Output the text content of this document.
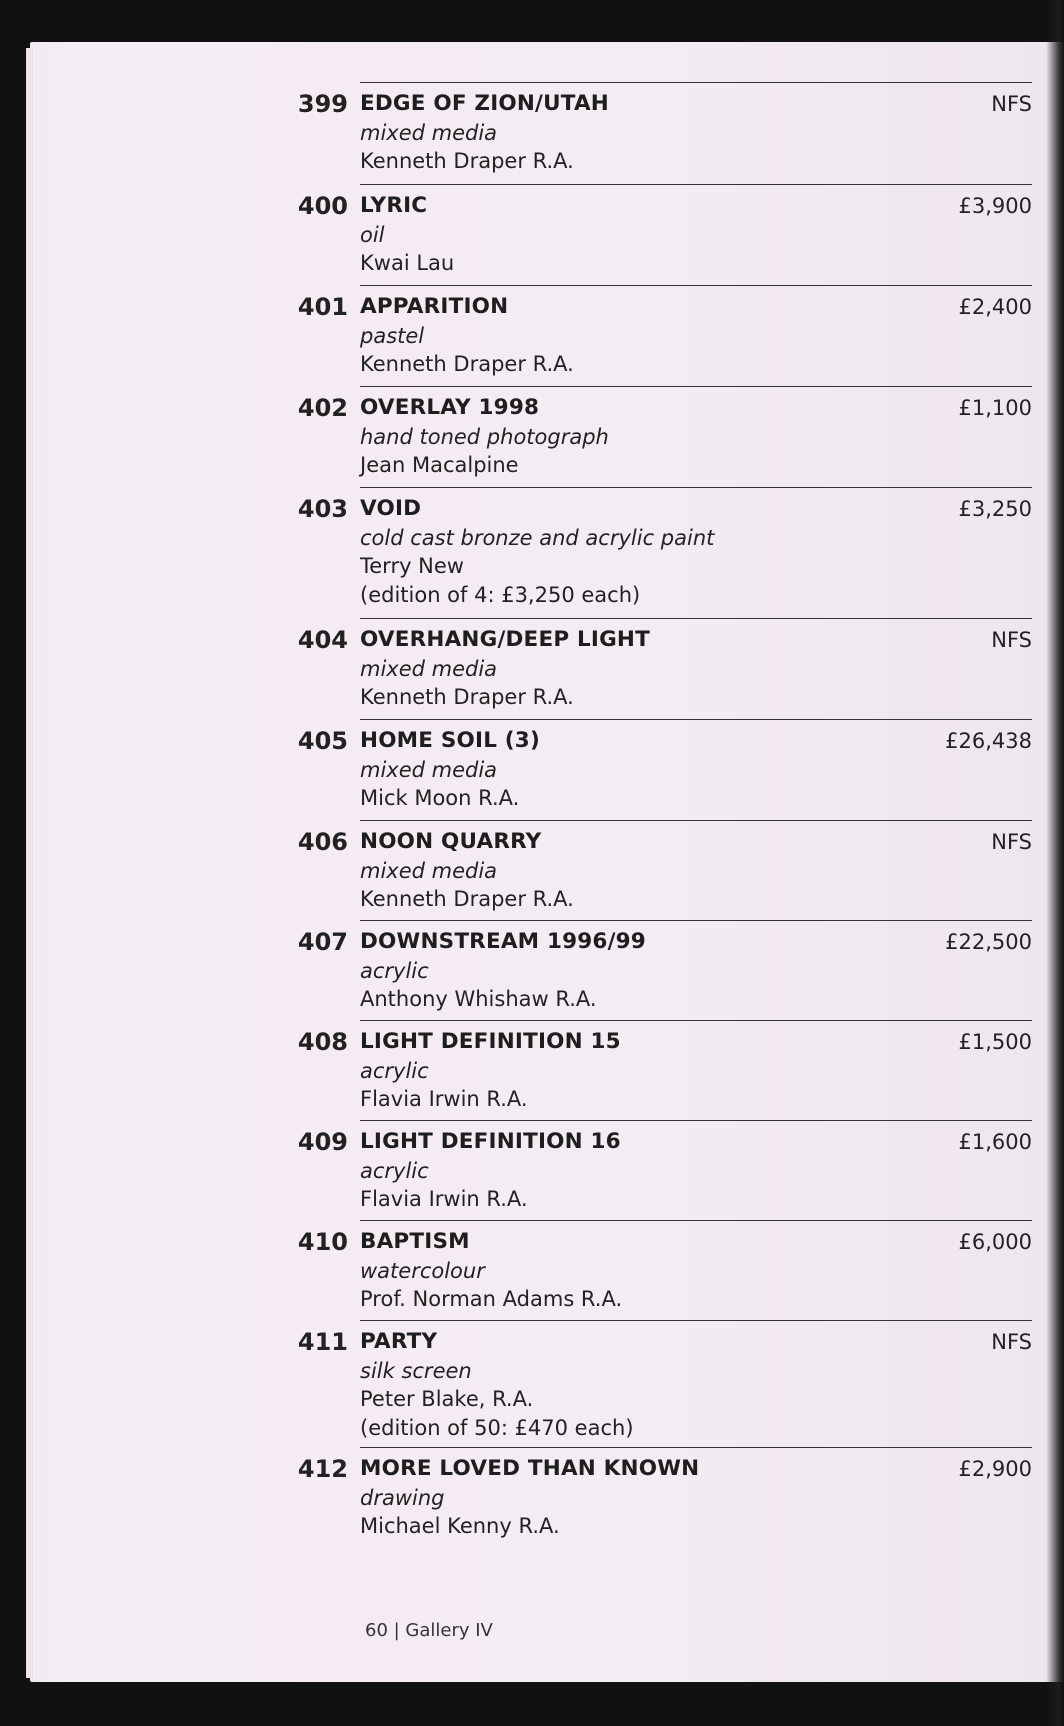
399 EDGE OF ZION/UTAH	NFS
mixed media
Kenneth Draper R.A.
400 LYRIC	£3,900
oil
Kwai Lau
401 APPARITION	£2,400
pastel
Kenneth Draper R.A.
402 OVERLAY 1998	£1,100
hand toned photograph
Jean Macalpine
403 VOID	£3,250
cold cast bronze and acrylic paint
Terry New
(edition of 4: £3,250 each)
404 OVERHANG/DEEP LIGHT	NFS
mixed media
Kenneth Draper R.A.
405 HOME SOIL (3)	£26,438
mixed media
Mick Moon R.A.
406 NOON QUARRY	NFS
mixed media
Kenneth Draper R.A.
407 DOWNSTREAM 1996/99	£22,500
acrylic
Anthony Whishaw R.A.
408 LIGHT DEFINITION 15	£1,500
acrylic
Flavia Irwin R.A.
409 LIGHT DEFINITION 16	£1,600
acrylic
Flavia Irwin R.A.
410 BAPTISM	£6,000
watercolour
Prof. Norman Adams R.A.
411 PARTY	NFS
silk screen
Peter Blake, R.A.
(edition of 50: £470 each)
412 MORE LOVED THAN KNOWN	£2,900
drawing
Michael Kenny R.A.
60 | Gallery IV
